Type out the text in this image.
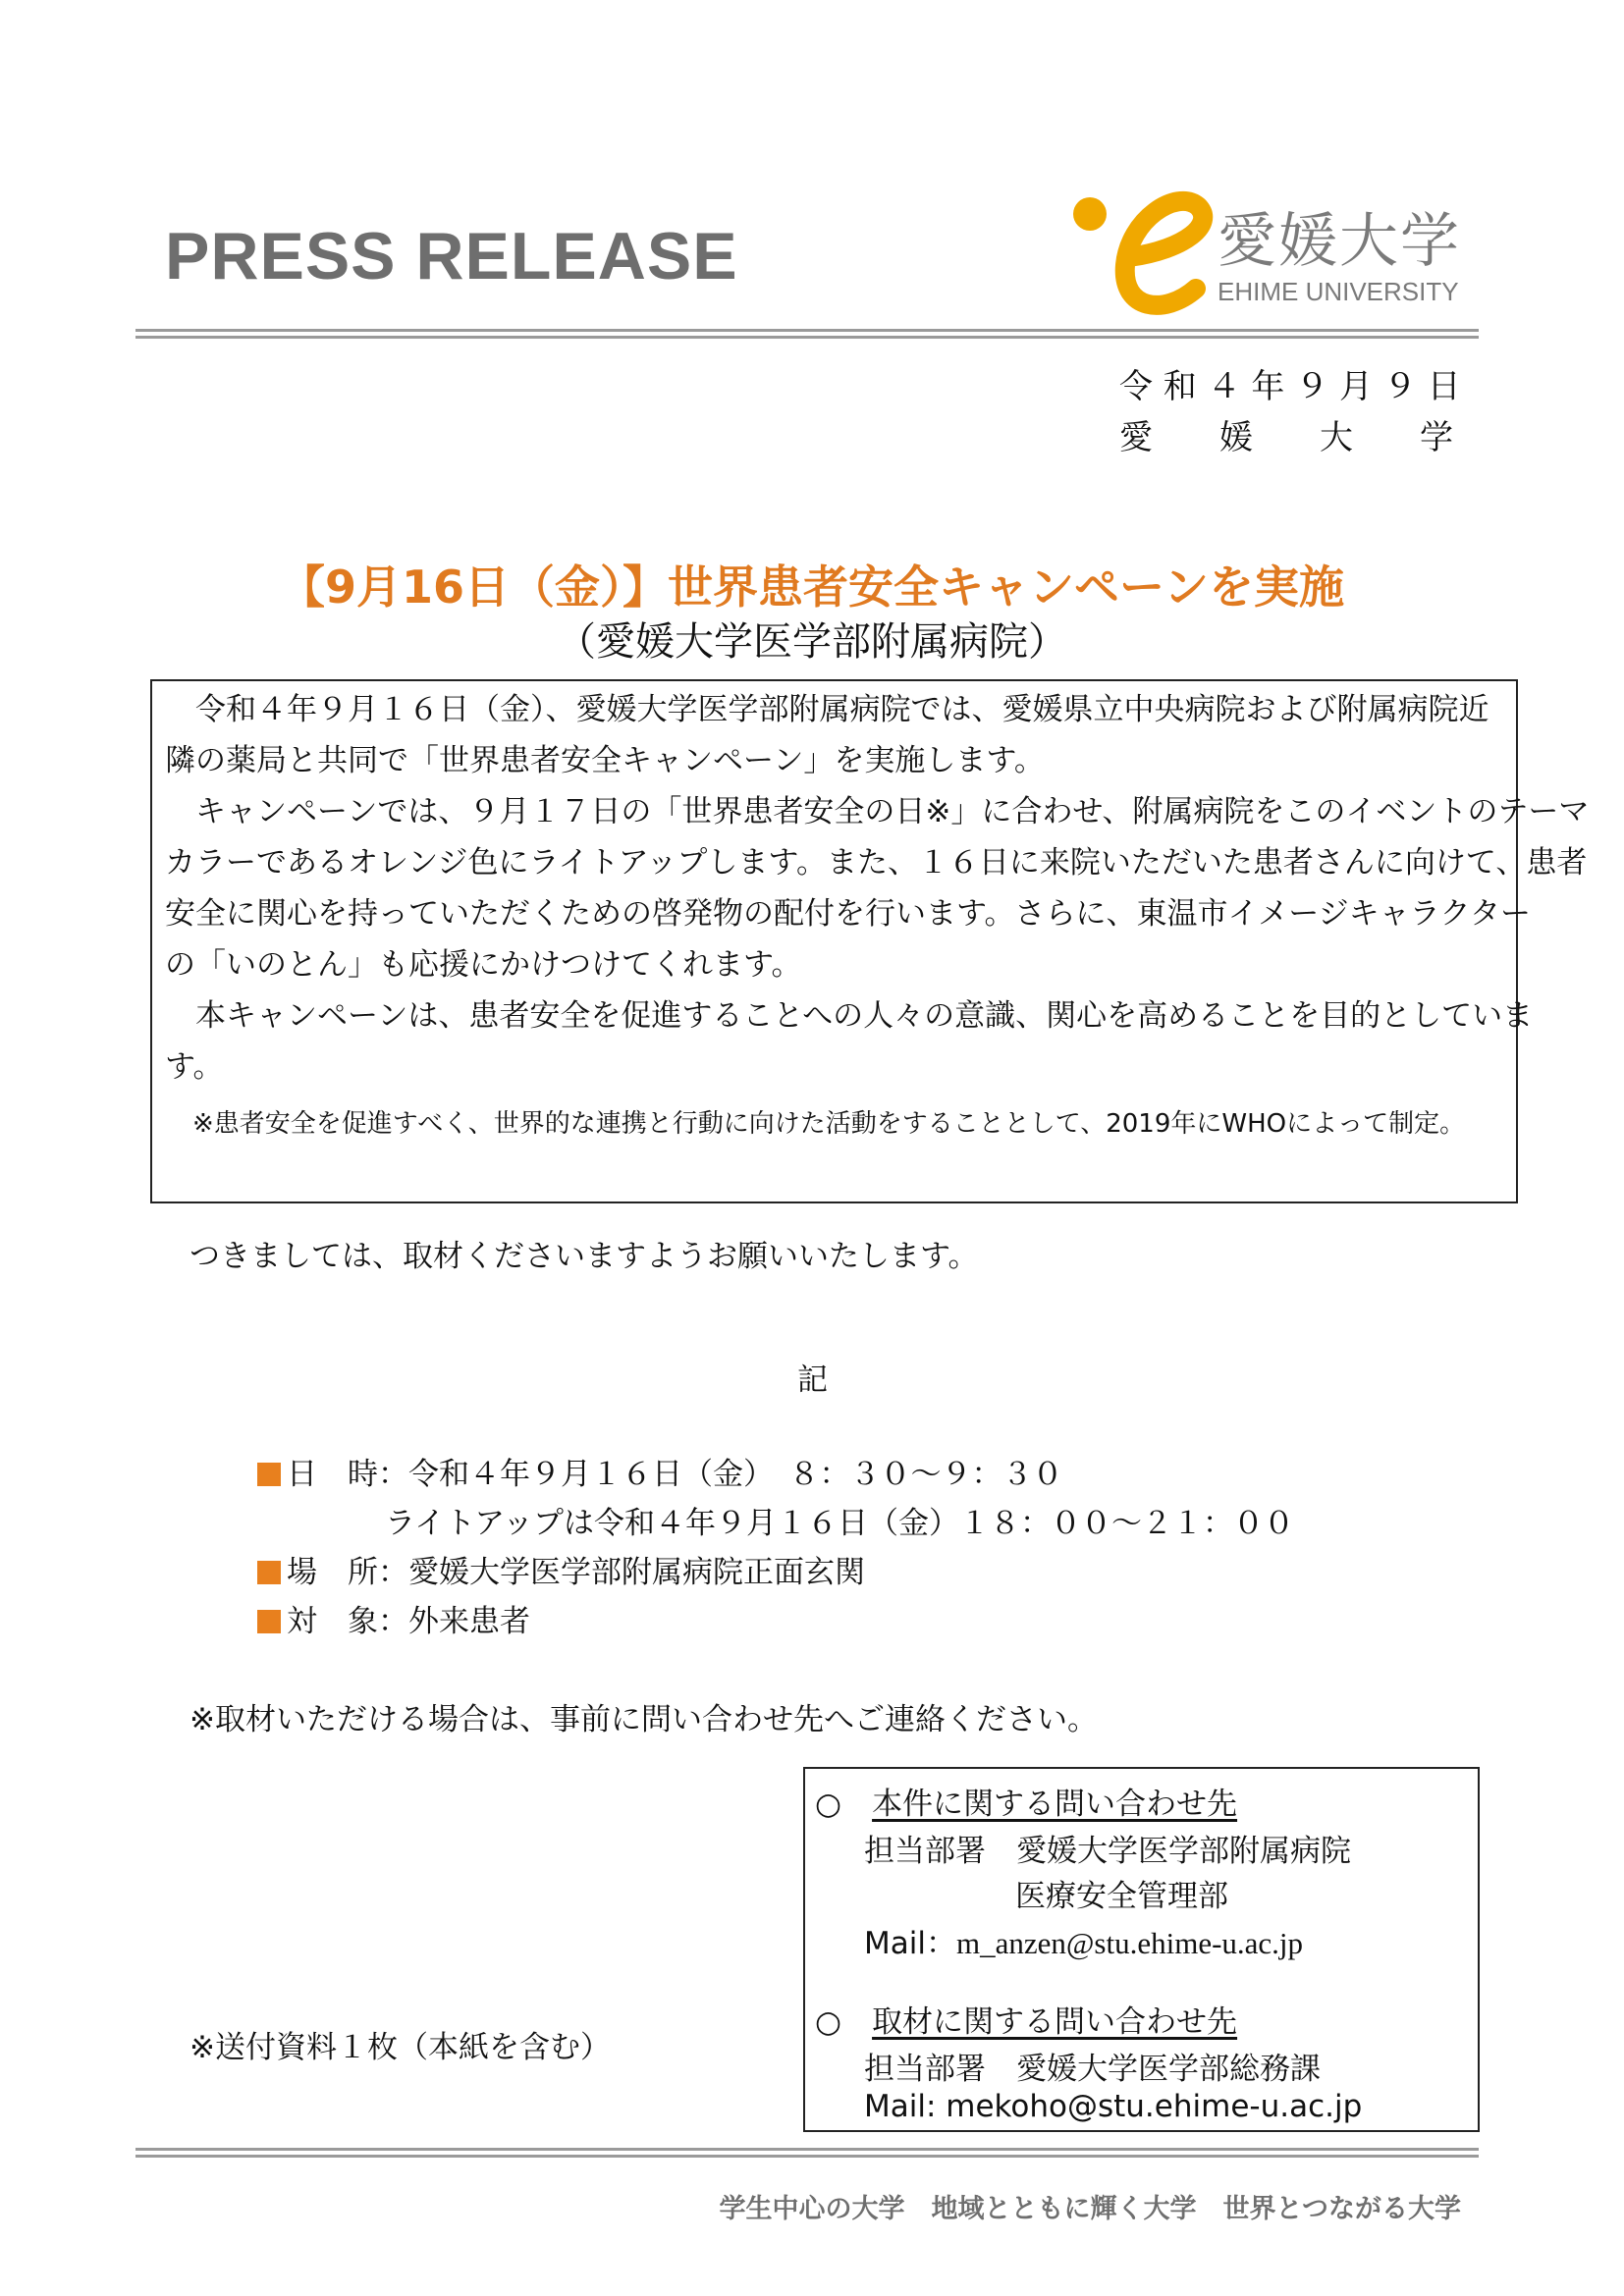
PRESS RELEASE	愛媛大学
EHIME UNIVERSITY
令 和 ４ 年 ９ 月 ９ 日
愛　　媛　　大　　学
【9月16日（金）】世界患者安全キャンペーンを実施
（愛媛大学医学部附属病院）
　令和４年９月１６日（金）、愛媛大学医学部附属病院では、愛媛県立中央病院および附属病院近
隣の薬局と共同で「世界患者安全キャンペーン」を実施します。
　キャンペーンでは、９月１７日の「世界患者安全の日※」に合わせ、附属病院をこのイベントのテーマ
カラーであるオレンジ色にライトアップします。また、１６日に来院いただいた患者さんに向けて、患者
安全に関心を持っていただくための啓発物の配付を行います。さらに、東温市イメージキャラクター
の「いのとん」も応援にかけつけてくれます。
　本キャンペーンは、患者安全を促進することへの人々の意識、関心を高めることを目的としていま
す。
※患者安全を促進すべく、世界的な連携と行動に向けた活動をすることとして、2019年にWHOによって制定。
つきましては、取材くださいますようお願いいたします。
記
日　時：令和４年９月１６日（金）　８：３０～９：３０
ライトアップは令和４年９月１６日（金）１８：００～２１：００
場　所：愛媛大学医学部附属病院正面玄関
対　象：外来患者
※取材いただける場合は、事前に問い合わせ先へご連絡ください。
※送付資料１枚（本紙を含む）
○　 本件に関する問い合わせ先
担当部署　 愛媛大学医学部附属病院
医療安全管理部
Mail：m_anzen@stu.ehime-u.ac.jp
○　 取材に関する問い合わせ先
担当部署　 愛媛大学医学部総務課
Mail: mekoho@stu.ehime-u.ac.jp
学生中心の大学　地域とともに輝く大学　世界とつながる大学
